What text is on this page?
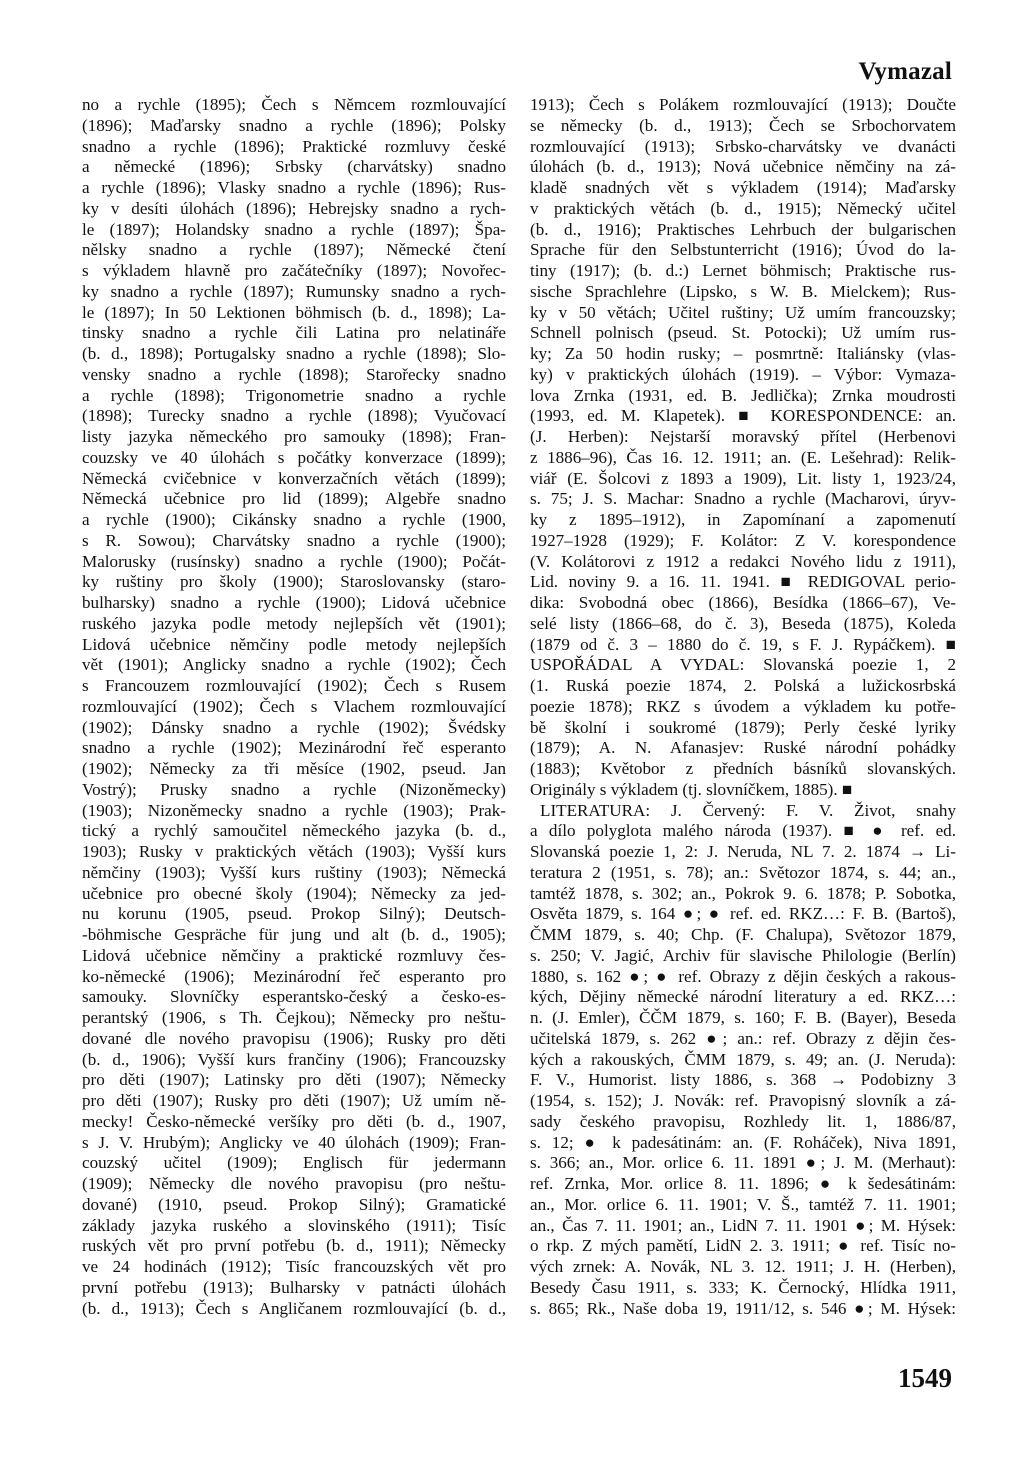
Vymazal
no a rychle (1895); Čech s Němcem rozmlouvající
(1896); Maďarsky snadno a rychle (1896); Polsky
snadno a rychle (1896); Praktické rozmluvy české
a německé (1896); Srbsky (charvátsky) snadno
a rychle (1896); Vlasky snadno a rychle (1896); Rus-
ky v desíti úlohách (1896); Hebrejsky snadno a rych-
le (1897); Holandsky snadno a rychle (1897); Špa-
nělsky snadno a rychle (1897); Německé čtení
s výkladem hlavně pro začátečníky (1897); Novořec-
ky snadno a rychle (1897); Rumunsky snadno a rych-
le (1897); In 50 Lektionen böhmisch (b. d., 1898); La-
tinsky snadno a rychle čili Latina pro nelatináře
(b. d., 1898); Portugalsky snadno a rychle (1898); Slo-
vensky snadno a rychle (1898); Starořecky snadno
a rychle (1898); Trigonometrie snadno a rychle
(1898); Turecky snadno a rychle (1898); Vyučovací
listy jazyka německého pro samouky (1898); Fran-
couzsky ve 40 úlohách s počátky konverzace (1899);
Německá cvičebnice v konverzačních větách (1899);
Německá učebnice pro lid (1899); Algebře snadno
a rychle (1900); Cikánsky snadno a rychle (1900,
s R. Sowou); Charvátsky snadno a rychle (1900);
Malorusky (rusínsky) snadno a rychle (1900); Počát-
ky ruštiny pro školy (1900); Staroslovansky (staro-
bulharsky) snadno a rychle (1900); Lidová učebnice
ruského jazyka podle metody nejlepších vět (1901);
Lidová učebnice němčiny podle metody nejlepších
vět (1901); Anglicky snadno a rychle (1902); Čech
s Francouzem rozmlouvající (1902); Čech s Rusem
rozmlouvající (1902); Čech s Vlachem rozmlouvající
(1902); Dánsky snadno a rychle (1902); Švédsky
snadno a rychle (1902); Mezinárodní řeč esperanto
(1902); Německy za tři měsíce (1902, pseud. Jan
Vostrý); Prusky snadno a rychle (Nizoněmecky)
(1903); Nizoněmecky snadno a rychle (1903); Prak-
tický a rychlý samoučitel německého jazyka (b. d.,
1903); Rusky v praktických větách (1903); Vyšší kurs
němčiny (1903); Vyšší kurs ruštiny (1903); Německá
učebnice pro obecné školy (1904); Německy za jed-
nu korunu (1905, pseud. Prokop Silný); Deutsch-
-böhmische Gespräche für jung und alt (b. d., 1905);
Lidová učebnice němčiny a praktické rozmluvy čes-
ko-německé (1906); Mezinárodní řeč esperanto pro
samouky. Slovníčky esperantsko-český a česko-es-
perantský (1906, s Th. Čejkou); Německy pro neštu-
dované dle nového pravopisu (1906); Rusky pro děti
(b. d., 1906); Vyšší kurs frančiny (1906); Francouzsky
pro děti (1907); Latinsky pro děti (1907); Německy
pro děti (1907); Rusky pro děti (1907); Už umím ně-
mecky! Česko-německé veršíky pro děti (b. d., 1907,
s J. V. Hrubým); Anglicky ve 40 úlohách (1909); Fran-
couzský učitel (1909); Englisch für jedermann
(1909); Německy dle nového pravopisu (pro neštu-
dované) (1910, pseud. Prokop Silný); Gramatické
základy jazyka ruského a slovinského (1911); Tisíc
ruských vět pro první potřebu (b. d., 1911); Německy
ve 24 hodinách (1912); Tisíc francouzských vět pro
první potřebu (1913); Bulharsky v patnácti úlohách
(b. d., 1913); Čech s Angličanem rozmlouvající (b. d.,
1913); Čech s Polákem rozmlouvající (1913); Doučte
se německy (b. d., 1913); Čech se Srbochorvatem
rozmlouvající (1913); Srbsko-charvátsky ve dvanácti
úlohách (b. d., 1913); Nová učebnice němčiny na zá-
kladě snadných vět s výkladem (1914); Maďarsky
v praktických větách (b. d., 1915); Německý učitel
(b. d., 1916); Praktisches Lehrbuch der bulgarischen
Sprache für den Selbstunterricht (1916); Úvod do la-
tiny (1917); (b. d.:) Lernet böhmisch; Praktische rus-
sische Sprachlehre (Lipsko, s W. B. Mielckem); Rus-
ky v 50 větách; Učitel ruštiny; Už umím francouzsky;
Schnell polnisch (pseud. St. Potocki); Už umím rus-
ky; Za 50 hodin rusky; – posmrtně: Italiánsky (vlas-
ky) v praktických úlohách (1919). – Výbor: Vymaza-
lova Zrnka (1931, ed. B. Jedlička); Zrnka moudrosti
(1993, ed. M. Klapetek). ■ KORESPONDENCE: an.
(J. Herben): Nejstarší moravský přítel (Herbenovi
z 1886–96), Čas 16. 12. 1911; an. (E. Lešehrad): Relik-
viář (E. Šolcovi z 1893 a 1909), Lit. listy 1, 1923/24,
s. 75; J. S. Machar: Snadno a rychle (Macharovi, úryv-
ky z 1895–1912), in Zapomínaní a zapomenutí
1927–1928 (1929); F. Kolátor: Z V. korespondence
(V. Kolátorovi z 1912 a redakci Nového lidu z 1911),
Lid. noviny 9. a 16. 11. 1941. ■ REDIGOVAL perio-
dika: Svobodná obec (1866), Besídka (1866–67), Ve-
selé listy (1866–68, do č. 3), Beseda (1875), Koleda
(1879 od č. 3 – 1880 do č. 19, s F. J. Rypáčkem). ■
USPOŘÁDAL A VYDAL: Slovanská poezie 1, 2
(1. Ruská poezie 1874, 2. Polská a lužickosrbská
poezie 1878); RKZ s úvodem a výkladem ku potře-
bě školní i soukromé (1879); Perly české lyriky
(1879); A. N. Afanasjev: Ruské národní pohádky
(1883); Květobor z předních básníků slovanských.
Originály s výkladem (tj. slovníčkem, 1885). ■
LITERATURA: J. Červený: F. V. Život, snahy
a dílo polyglota malého národa (1937). ■ ● ref. ed.
Slovanská poezie 1, 2: J. Neruda, NL 7. 2. 1874 → Li-
teratura 2 (1951, s. 78); an.: Světozor 1874, s. 44; an.,
tamtéž 1878, s. 302; an., Pokrok 9. 6. 1878; P. Sobotka,
Osvěta 1879, s. 164 ●; ● ref. ed. RKZ…: F. B. (Bartoš),
ČMM 1879, s. 40; Chp. (F. Chalupa), Světozor 1879,
s. 250; V. Jagić, Archiv für slavische Philologie (Berlín)
1880, s. 162 ●; ● ref. Obrazy z dějin českých a rakous-
kých, Dějiny německé národní literatury a ed. RKZ…:
n. (J. Emler), ČČM 1879, s. 160; F. B. (Bayer), Beseda
učitelská 1879, s. 262 ●; an.: ref. Obrazy z dějin čes-
kých a rakouských, ČMM 1879, s. 49; an. (J. Neruda):
F. V., Humorist. listy 1886, s. 368 → Podobizny 3
(1954, s. 152); J. Novák: ref. Pravopisný slovník a zá-
sady českého pravopisu, Rozhledy lit. 1, 1886/87,
s. 12; ● k padesátinám: an. (F. Roháček), Niva 1891,
s. 366; an., Mor. orlice 6. 11. 1891 ●; J. M. (Merhaut):
ref. Zrnka, Mor. orlice 8. 11. 1896; ● k šedesátinám:
an., Mor. orlice 6. 11. 1901; V. Š., tamtéž 7. 11. 1901;
an., Čas 7. 11. 1901; an., LidN 7. 11. 1901 ●; M. Hýsek:
o rkp. Z mých pamětí, LidN 2. 3. 1911; ● ref. Tisíc no-
vých zrnek: A. Novák, NL 3. 12. 1911; J. H. (Herben),
Besedy Času 1911, s. 333; K. Černocký, Hlídka 1911,
s. 865; Rk., Naše doba 19, 1911/12, s. 546 ●; M. Hýsek:
1549
